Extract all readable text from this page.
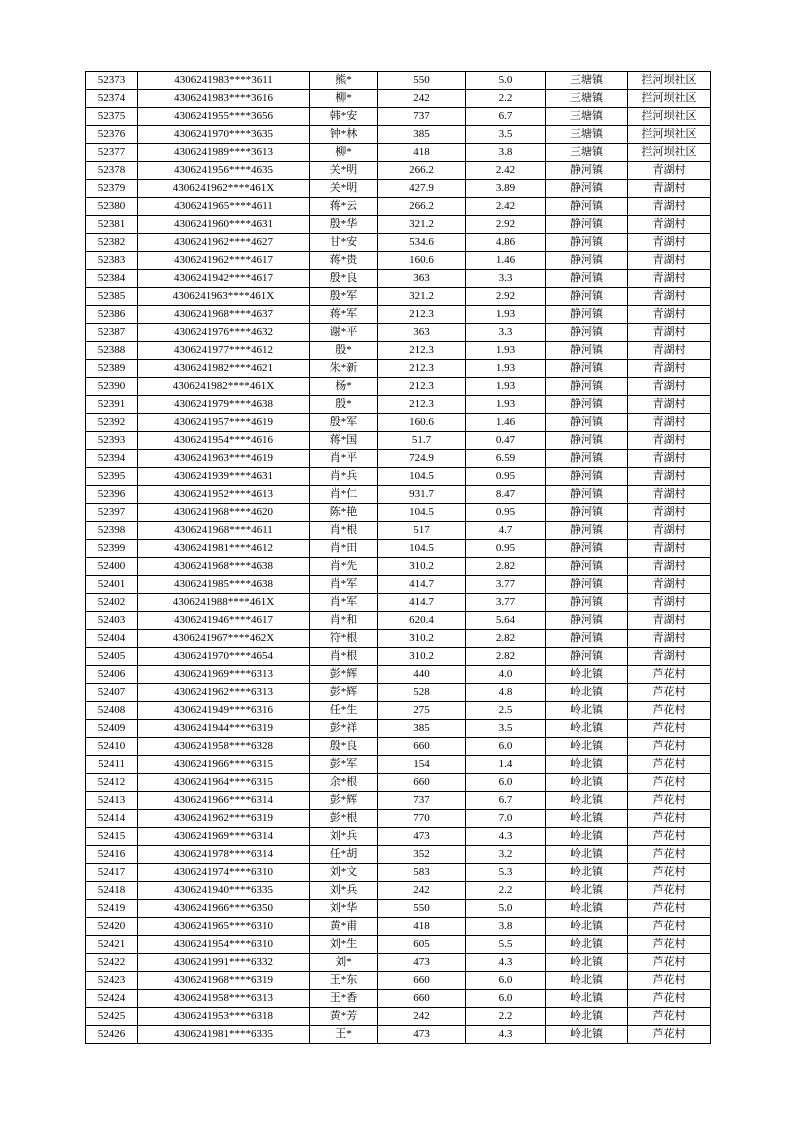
52373	4306241983****3611	熊*	550	5.0	三塘镇	拦河坝社区
52374	4306241983****3616	柳*	242	2.2	三塘镇	拦河坝社区
52375	4306241955****3656	韩*安	737	6.7	三塘镇	拦河坝社区
52376	4306241970****3635	钟*林	385	3.5	三塘镇	拦河坝社区
52377	4306241989****3613	柳*	418	3.8	三塘镇	拦河坝社区
52378	4306241956****4635	关*明	266.2	2.42	静河镇	青湖村
52379	4306241962****461X	关*明	427.9	3.89	静河镇	青湖村
52380	4306241965****4611	蒋*云	266.2	2.42	静河镇	青湖村
52381	4306241960****4631	殷*华	321.2	2.92	静河镇	青湖村
52382	4306241962****4627	甘*安	534.6	4.86	静河镇	青湖村
52383	4306241962****4617	蒋*贵	160.6	1.46	静河镇	青湖村
52384	4306241942****4617	殷*良	363	3.3	静河镇	青湖村
52385	4306241963****461X	殷*军	321.2	2.92	静河镇	青湖村
52386	4306241968****4637	蒋*军	212.3	1.93	静河镇	青湖村
52387	4306241976****4632	谢*平	363	3.3	静河镇	青湖村
52388	4306241977****4612	殷*	212.3	1.93	静河镇	青湖村
52389	4306241982****4621	朱*新	212.3	1.93	静河镇	青湖村
52390	4306241982****461X	杨*	212.3	1.93	静河镇	青湖村
52391	4306241979****4638	殷*	212.3	1.93	静河镇	青湖村
52392	4306241957****4619	殷*军	160.6	1.46	静河镇	青湖村
52393	4306241954****4616	蒋*国	51.7	0.47	静河镇	青湖村
52394	4306241963****4619	肖*平	724.9	6.59	静河镇	青湖村
52395	4306241939****4631	肖*兵	104.5	0.95	静河镇	青湖村
52396	4306241952****4613	肖*仁	931.7	8.47	静河镇	青湖村
52397	4306241968****4620	陈*艳	104.5	0.95	静河镇	青湖村
52398	4306241968****4611	肖*根	517	4.7	静河镇	青湖村
52399	4306241981****4612	肖*田	104.5	0.95	静河镇	青湖村
52400	4306241968****4638	肖*先	310.2	2.82	静河镇	青湖村
52401	4306241985****4638	肖*军	414.7	3.77	静河镇	青湖村
52402	4306241988****461X	肖*军	414.7	3.77	静河镇	青湖村
52403	4306241946****4617	肖*和	620.4	5.64	静河镇	青湖村
52404	4306241967****462X	符*根	310.2	2.82	静河镇	青湖村
52405	4306241970****4654	肖*根	310.2	2.82	静河镇	青湖村
52406	4306241969****6313	彭*辉	440	4.0	岭北镇	芦花村
52407	4306241962****6313	彭*辉	528	4.8	岭北镇	芦花村
52408	4306241949****6316	任*生	275	2.5	岭北镇	芦花村
52409	4306241944****6319	彭*祥	385	3.5	岭北镇	芦花村
52410	4306241958****6328	殷*良	660	6.0	岭北镇	芦花村
52411	4306241966****6315	彭*军	154	1.4	岭北镇	芦花村
52412	4306241964****6315	余*根	660	6.0	岭北镇	芦花村
52413	4306241966****6314	彭*辉	737	6.7	岭北镇	芦花村
52414	4306241962****6319	彭*根	770	7.0	岭北镇	芦花村
52415	4306241969****6314	刘*兵	473	4.3	岭北镇	芦花村
52416	4306241978****6314	任*胡	352	3.2	岭北镇	芦花村
52417	4306241974****6310	刘*文	583	5.3	岭北镇	芦花村
52418	4306241940****6335	刘*兵	242	2.2	岭北镇	芦花村
52419	4306241966****6350	刘*华	550	5.0	岭北镇	芦花村
52420	4306241965****6310	黄*甫	418	3.8	岭北镇	芦花村
52421	4306241954****6310	刘*生	605	5.5	岭北镇	芦花村
52422	4306241991****6332	刘*	473	4.3	岭北镇	芦花村
52423	4306241968****6319	王*东	660	6.0	岭北镇	芦花村
52424	4306241958****6313	王*香	660	6.0	岭北镇	芦花村
52425	4306241953****6318	黄*芳	242	2.2	岭北镇	芦花村
52426	4306241981****6335	王*	473	4.3	岭北镇	芦花村
